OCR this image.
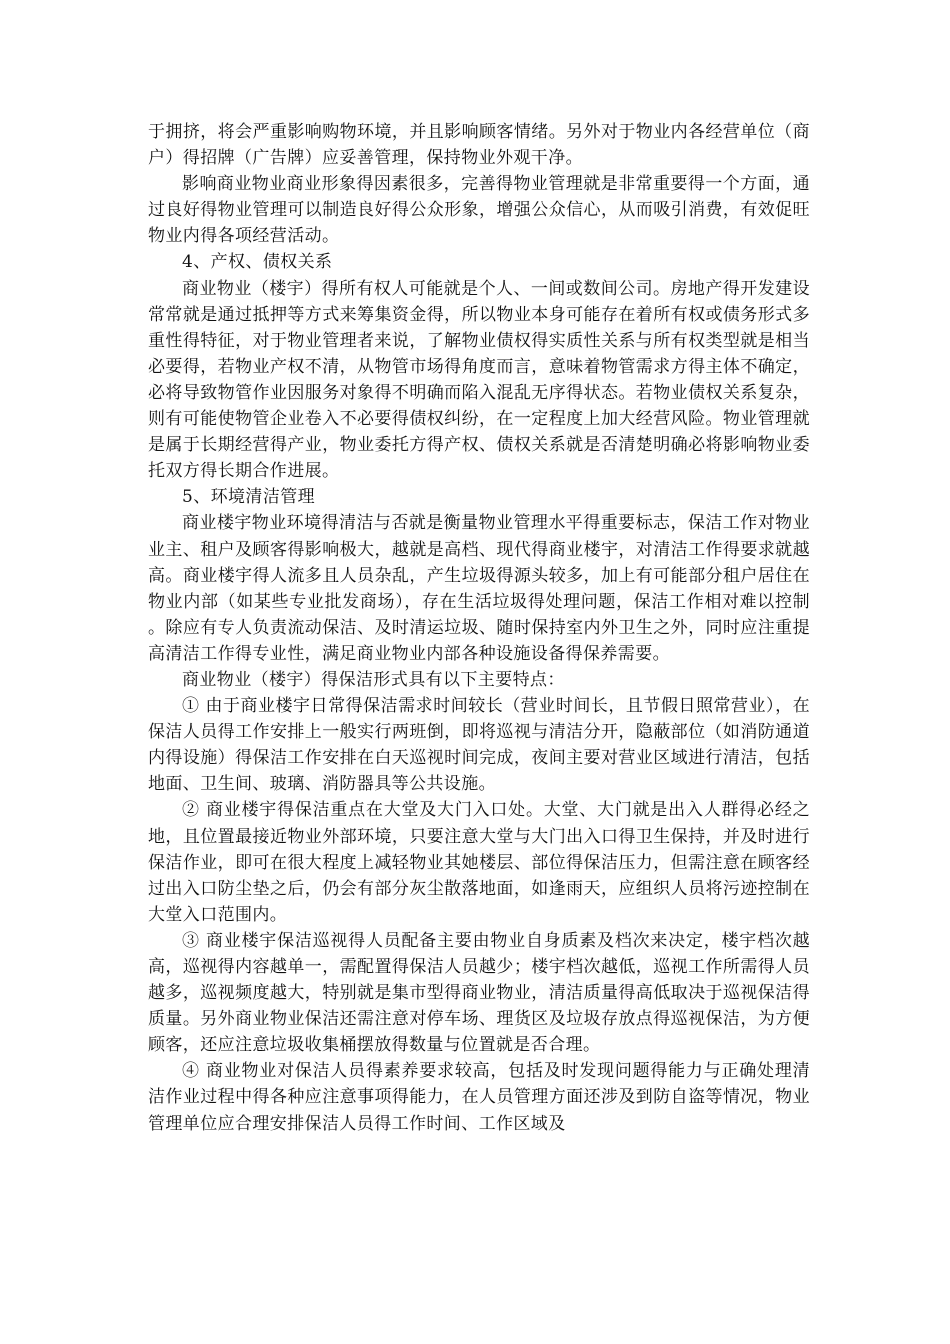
于拥挤，将会严重影响购物环境，并且影响顾客情绪。另外对于物业内各经营单位（商户）得招牌（广告牌）应妥善管理，保持物业外观干净。

影响商业物业商业形象得因素很多，完善得物业管理就是非常重要得一个方面，通过良好得物业管理可以制造良好得公众形象，增强公众信心，从而吸引消费，有效促旺物业内得各项经营活动。

4、产权、债权关系

商业物业（楼宇）得所有权人可能就是个人、一间或数间公司。房地产得开发建设常常就是通过抵押等方式来筹集资金得，所以物业本身可能存在着所有权或债务形式多重性得特征，对于物业管理者来说，了解物业债权得实质性关系与所有权类型就是相当必要得，若物业产权不清，从物管市场得角度而言，意味着物管需求方得主体不确定，必将导致物管作业因服务对象得不明确而陷入混乱无序得状态。若物业债权关系复杂，则有可能使物管企业卷入不必要得债权纠纷，在一定程度上加大经营风险。物业管理就是属于长期经营得产业，物业委托方得产权、债权关系就是否清楚明确必将影响物业委托双方得长期合作进展。

5、环境清洁管理

商业楼宇物业环境得清洁与否就是衡量物业管理水平得重要标志，保洁工作对物业业主、租户及顾客得影响极大，越就是高档、现代得商业楼宇，对清洁工作得要求就越高。商业楼宇得人流多且人员杂乱，产生垃圾得源头较多，加上有可能部分租户居住在物业内部（如某些专业批发商场），存在生活垃圾得处理问题，保洁工作相对难以控制。除应有专人负责流动保洁、及时清运垃圾、随时保持室内外卫生之外，同时应注重提高清洁工作得专业性，满足商业物业内部各种设施设备得保养需要。

商业物业（楼宇）得保洁形式具有以下主要特点：

① 由于商业楼宇日常得保洁需求时间较长（营业时间长，且节假日照常营业），在保洁人员得工作安排上一般实行两班倒，即将巡视与清洁分开，隐蔽部位（如消防通道内得设施）得保洁工作安排在白天巡视时间完成，夜间主要对营业区域进行清洁，包括地面、卫生间、玻璃、消防器具等公共设施。

② 商业楼宇得保洁重点在大堂及大门入口处。大堂、大门就是出入人群得必经之地，且位置最接近物业外部环境，只要注意大堂与大门出入口得卫生保持，并及时进行保洁作业，即可在很大程度上减轻物业其她楼层、部位得保洁压力，但需注意在顾客经过出入口防尘垫之后，仍会有部分灰尘散落地面，如逢雨天，应组织人员将污迹控制在大堂入口范围内。

③ 商业楼宇保洁巡视得人员配备主要由物业自身质素及档次来决定，楼宇档次越高，巡视得内容越单一，需配置得保洁人员越少；楼宇档次越低，巡视工作所需得人员越多，巡视频度越大，特别就是集市型得商业物业，清洁质量得高低取决于巡视保洁得质量。另外商业物业保洁还需注意对停车场、理货区及垃圾存放点得巡视保洁，为方便顾客，还应注意垃圾收集桶摆放得数量与位置就是否合理。

④ 商业物业对保洁人员得素养要求较高，包括及时发现问题得能力与正确处理清洁作业过程中得各种应注意事项得能力，在人员管理方面还涉及到防自盗等情况，物业管理单位应合理安排保洁人员得工作时间、工作区域及
